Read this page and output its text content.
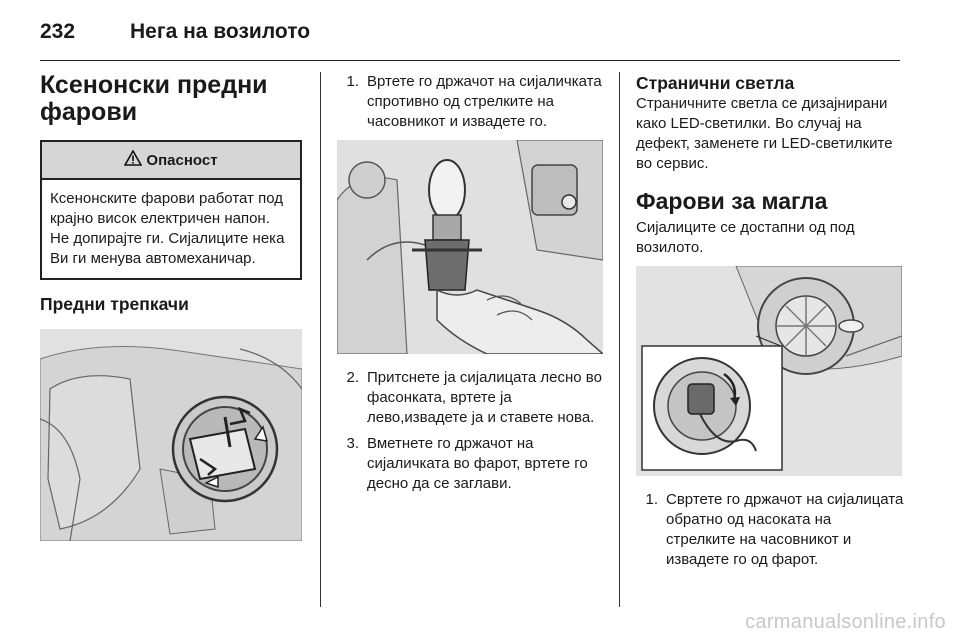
232	Нега на возилото
Ксенонски предни фарови
Опасност
Ксенонските фарови работат под крајно висок електричен напон. Не допирајте ги. Сијалиците нека Ви ги менува автомеханичар.
Предни трепкачи
1. Вртете го држачот на сијаличката спротивно од стрелките на часовникот и извадете го.
2. Притснете ја сијалицата лесно во фасонката, вртете ја лево,извадете ја и ставете нова.
3. Вметнете го држачот на сијаличката во фарот, вртете го десно да се заглави.
Странични светла

Страничните светла се дизајнирани како LED-светилки. Во случај на дефект, заменете ги LED-светилките во сервис.

Фарови за магла

Сијалиците се достапни од под возилото.

1. Свртете го држачот на сијалицата обратно од насоката на стрелките на часовникот и извадете го од фарот.
carmanualsonline.info
